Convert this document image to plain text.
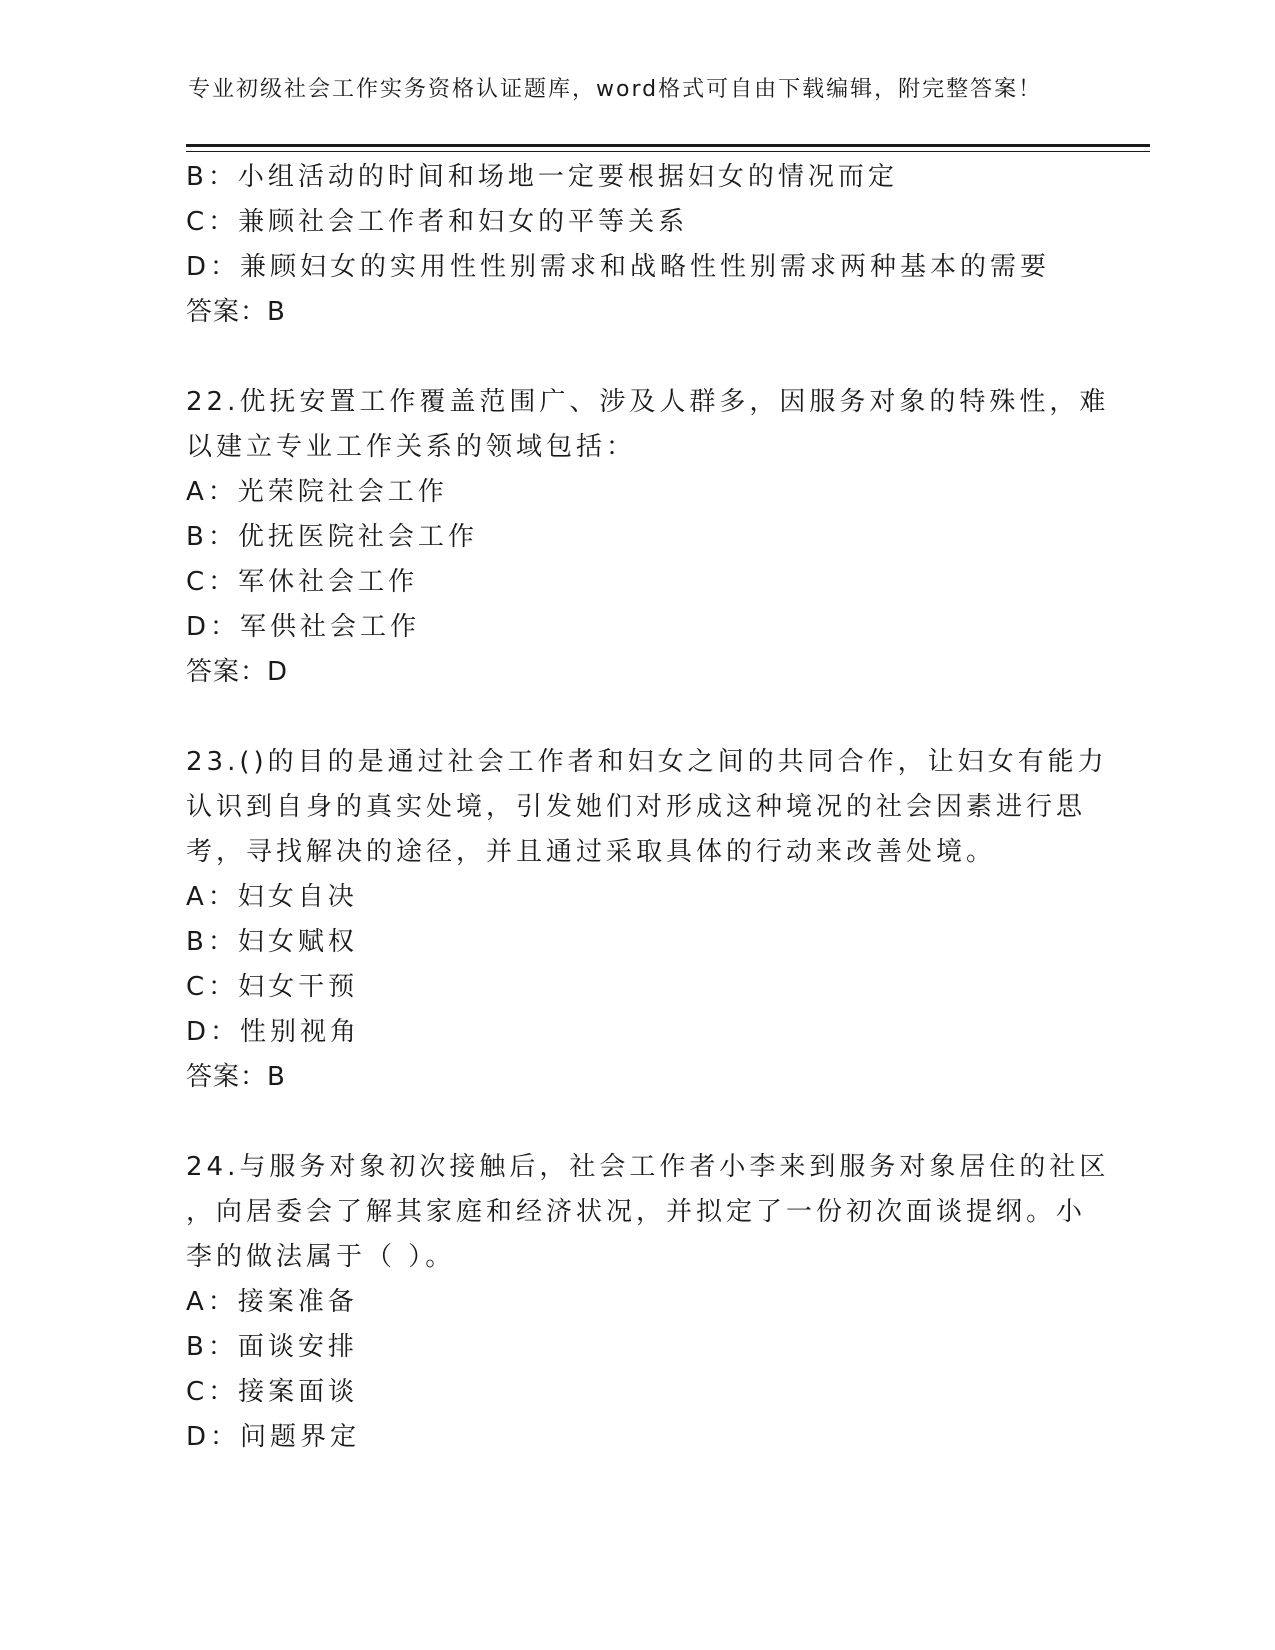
专业初级社会工作实务资格认证题库，word格式可自由下载编辑，附完整答案！

B：小组活动的时间和场地一定要根据妇女的情况而定

C：兼顾社会工作者和妇女的平等关系

D：兼顾妇女的实用性性别需求和战略性性别需求两种基本的需要

答案：B

22.优抚安置工作覆盖范围广、涉及人群多，因服务对象的特殊性，难
以建立专业工作关系的领域包括：

A：光荣院社会工作

B：优抚医院社会工作

C：军休社会工作

D：军供社会工作

答案：D

23.()的目的是通过社会工作者和妇女之间的共同合作，让妇女有能力
认识到自身的真实处境，引发她们对形成这种境况的社会因素进行思
考，寻找解决的途径，并且通过采取具体的行动来改善处境。

A：妇女自决

B：妇女赋权

C：妇女干预

D：性别视角

答案：B

24.与服务对象初次接触后，社会工作者小李来到服务对象居住的社区
，向居委会了解其家庭和经济状况，并拟定了一份初次面谈提纲。小
李的做法属于（ ）。

A：接案准备

B：面谈安排

C：接案面谈

D：问题界定
